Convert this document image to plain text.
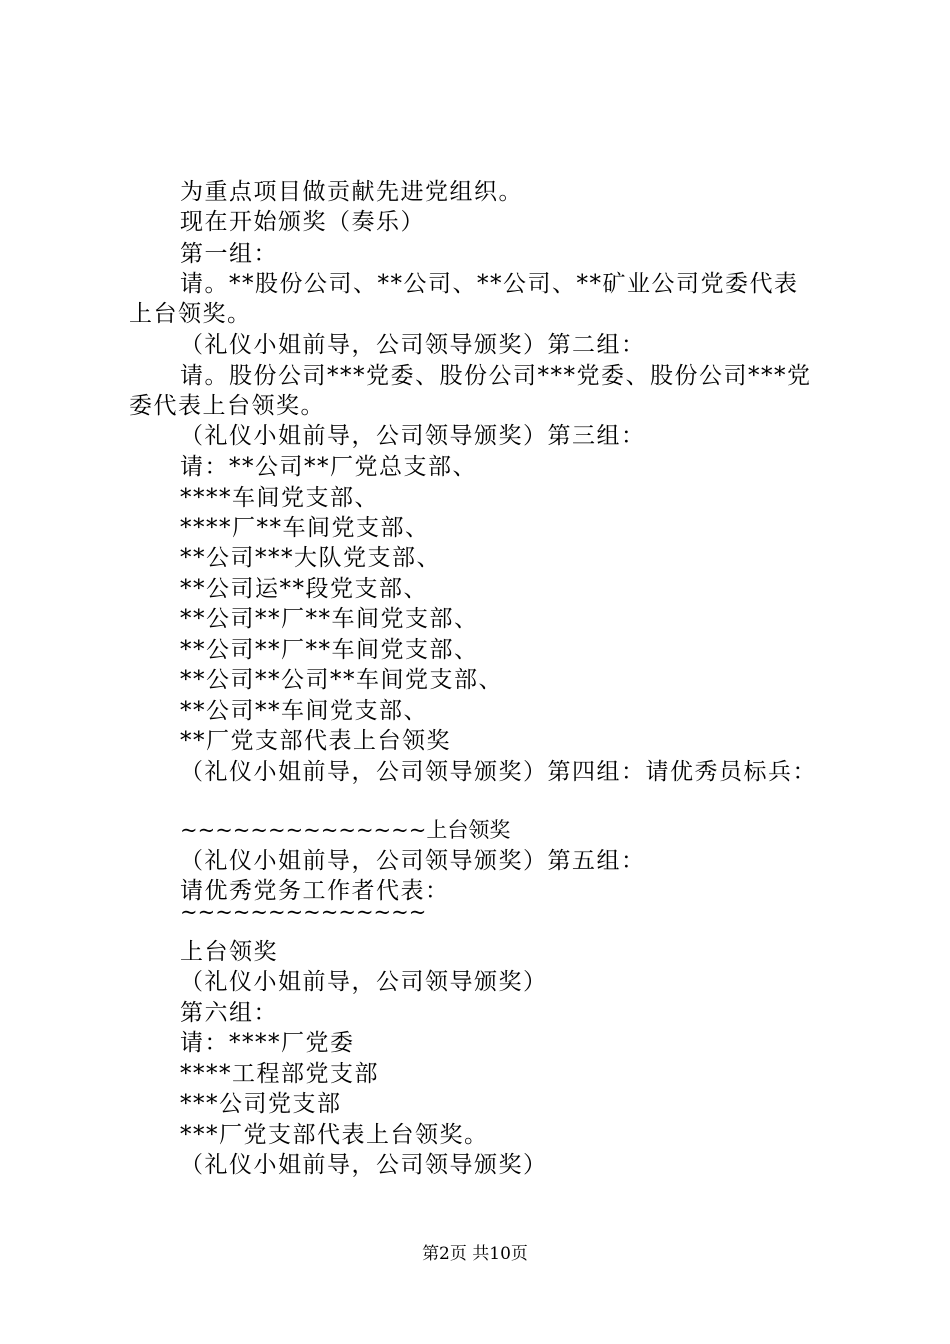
为重点项目做贡献先进党组织。
现在开始颁奖（奏乐）
第一组：
请。**股份公司、**公司、**公司、**矿业公司党委代表
上台领奖。
（礼仪小姐前导，公司领导颁奖）第二组：
请。股份公司***党委、股份公司***党委、股份公司***党
委代表上台领奖。
（礼仪小姐前导，公司领导颁奖）第三组：
请：**公司**厂党总支部、
****车间党支部、
****厂**车间党支部、
**公司***大队党支部、
**公司运**段党支部、
**公司**厂**车间党支部、
**公司**厂**车间党支部、
**公司**公司**车间党支部、
**公司**车间党支部、
**厂党支部代表上台领奖
（礼仪小姐前导，公司领导颁奖）第四组：请优秀员标兵：
~~~~~~~~~~~~~~上台领奖
（礼仪小姐前导，公司领导颁奖）第五组：
请优秀党务工作者代表：
~~~~~~~~~~~~~~
上台领奖
（礼仪小姐前导，公司领导颁奖）
第六组：
请：****厂党委
****工程部党支部
***公司党支部
***厂党支部代表上台领奖。
（礼仪小姐前导，公司领导颁奖）
第2页 共10页
